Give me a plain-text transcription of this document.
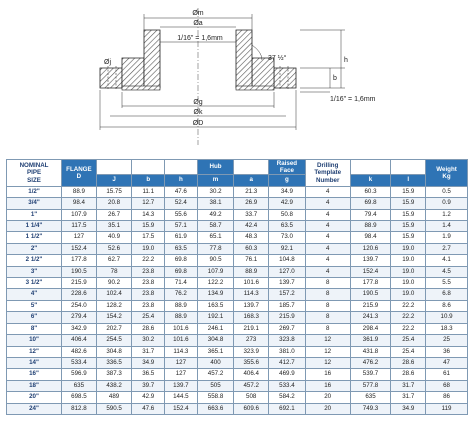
Øm
Øa
1/16" = 1,6mm
37 ½°
Øj
Øg
Øk
ØD
b
h
1/16" = 1,6mm
NOMINAL
PIPE
SIZE	FLANGE
D				Hub		Raised
Face	Drilling
Template
Number			Weight
Kg

		J	b	h	m	a	g		k	l	
1/2"	88.9	15.75	11.1	47.6	30.2	21.3	34.9	4	60.3	15.9	0.5
3/4"	98.4	20.8	12.7	52.4	38.1	26.9	42.9	4	69.8	15.9	0.9
1"	107.9	26.7	14.3	55.6	49.2	33.7	50.8	4	79.4	15.9	1.2
1 1/4"	117.5	35.1	15.9	57.1	58.7	42.4	63.5	4	88.9	15.9	1.4
1 1/2"	127	40.9	17.5	61.9	65.1	48.3	73.0	4	98.4	15.9	1.9
2"	152.4	52.6	19.0	63.5	77.8	60.3	92.1	4	120.6	19.0	2.7
2 1/2"	177.8	62.7	22.2	69.8	90.5	76.1	104.8	4	139.7	19.0	4.1
3"	190.5	78	23.8	69.8	107.9	88.9	127.0	4	152.4	19.0	4.5
3 1/2"	215.9	90.2	23.8	71.4	122.2	101.6	139.7	8	177.8	19.0	5.5
4"	228.6	102.4	23.8	76.2	134.9	114.3	157.2	8	190.5	19.0	6.8
5"	254.0	128.2	23.8	88.9	163.5	139.7	185.7	8	215.9	22.2	8.6
6"	279.4	154.2	25.4	88.9	192.1	168.3	215.9	8	241.3	22.2	10.9
8"	342.9	202.7	28.6	101.6	246.1	219.1	269.7	8	298.4	22.2	18.3
10"	406.4	254.5	30.2	101.6	304.8	273	323.8	12	361.9	25.4	25
12"	482.6	304.8	31.7	114.3	365.1	323.9	381.0	12	431.8	25.4	36
14"	533.4	336.5	34.9	127	400	355.6	412.7	12	476.2	28.6	47
16"	596.9	387.3	36.5	127	457.2	406.4	469.9	16	539.7	28.6	61
18"	635	438.2	39.7	139.7	505	457.2	533.4	16	577.8	31.7	68
20"	698.5	489	42.9	144.5	558.8	508	584.2	20	635	31.7	86
24"	812.8	590.5	47.6	152.4	663.6	609.6	692.1	20	749.3	34.9	119
